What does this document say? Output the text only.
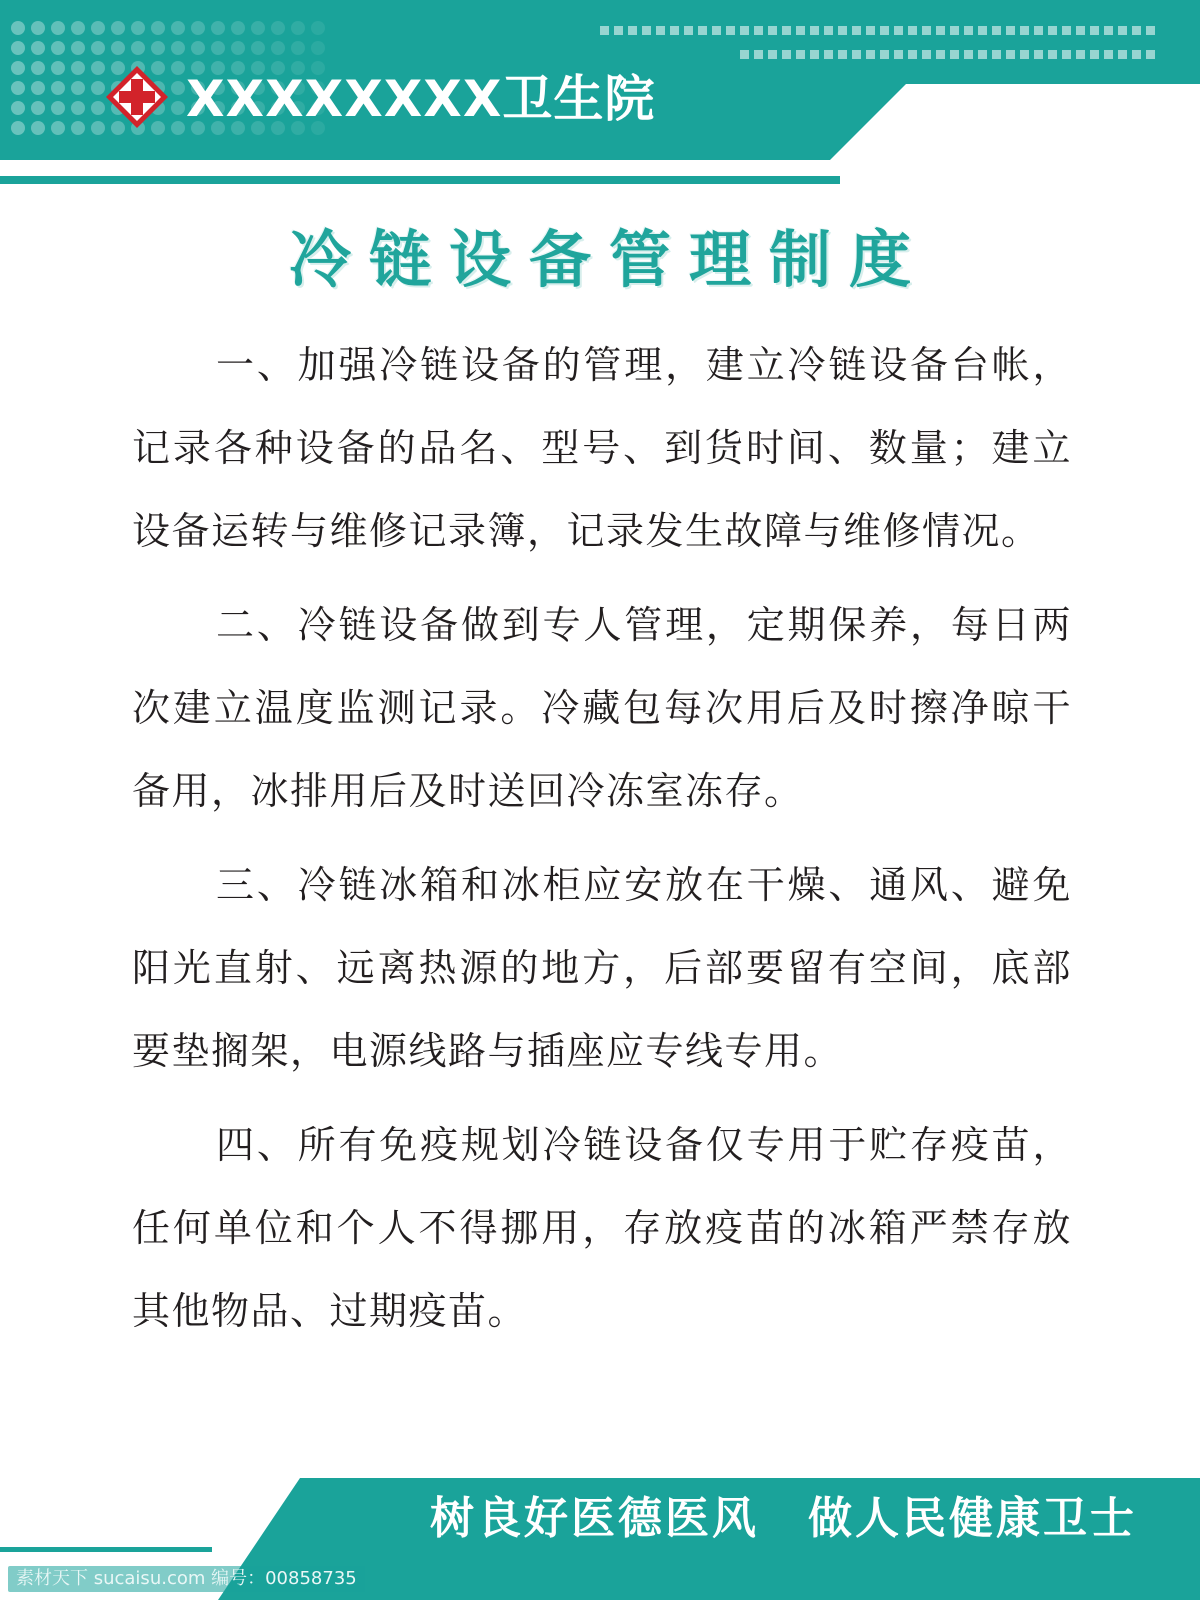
XXXXXXXX卫生院
冷链设备管理制度

一、加强冷链设备的管理，建立冷链设备台帐，记录各种设备的品名、型号、到货时间、数量；建立设备运转与维修记录簿，记录发生故障与维修情况。

二、冷链设备做到专人管理，定期保养，每日两次建立温度监测记录。冷藏包每次用后及时擦净晾干备用，冰排用后及时送回冷冻室冻存。

三、冷链冰箱和冰柜应安放在干燥、通风、避免阳光直射、远离热源的地方，后部要留有空间，底部要垫搁架，电源线路与插座应专线专用。

四、所有免疫规划冷链设备仅专用于贮存疫苗，任何单位和个人不得挪用，存放疫苗的冰箱严禁存放其他物品、过期疫苗。

树良好医德医风 做人民健康卫士
素材天下 sucaisu.com 编号：00858735
